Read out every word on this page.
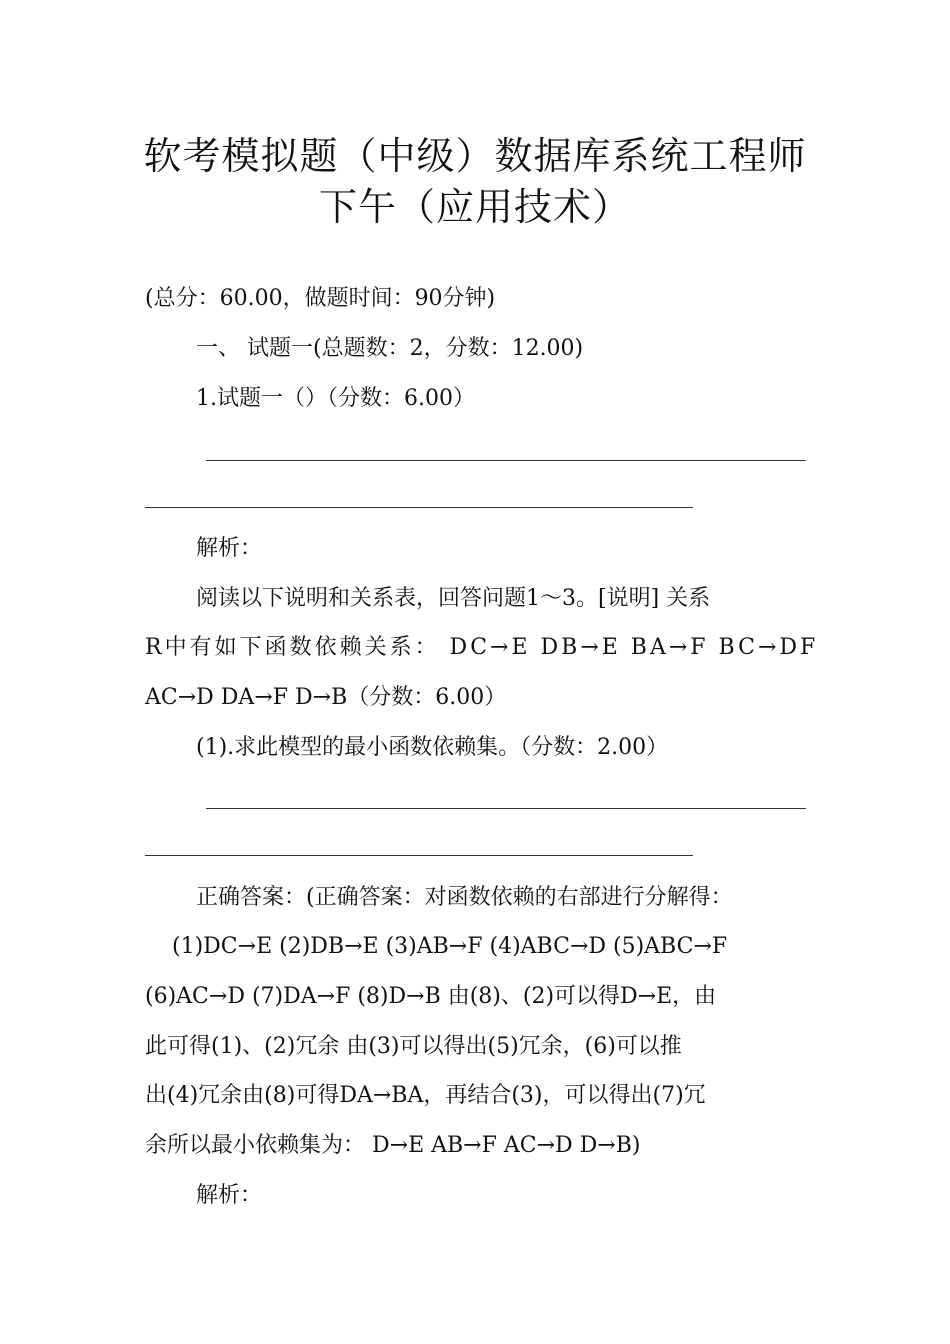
软考模拟题（中级）数据库系统工程师
下午（应用技术）
(总分：60.00，做题时间：90分钟)
一、 试题一(总题数：2，分数：12.00)
1.试题一（）（分数：6.00）
解析：
阅读以下说明和关系表，回答问题1～3。[说明] 关系
R中有如下函数依赖关系： DC→E DB→E BA→F BC→DF
AC→D DA→F D→B（分数：6.00）
(1).求此模型的最小函数依赖集。（分数：2.00）
正确答案：(正确答案：对函数依赖的右部进行分解得：
(1)DC→E (2)DB→E (3)AB→F (4)ABC→D (5)ABC→F
(6)AC→D (7)DA→F (8)D→B 由(8)、(2)可以得D→E，由
此可得(1)、(2)冗余 由(3)可以得出(5)冗余，(6)可以推
出(4)冗余由(8)可得DA→BA，再结合(3)，可以得出(7)冗
余所以最小依赖集为： D→E AB→F AC→D D→B)
解析：
